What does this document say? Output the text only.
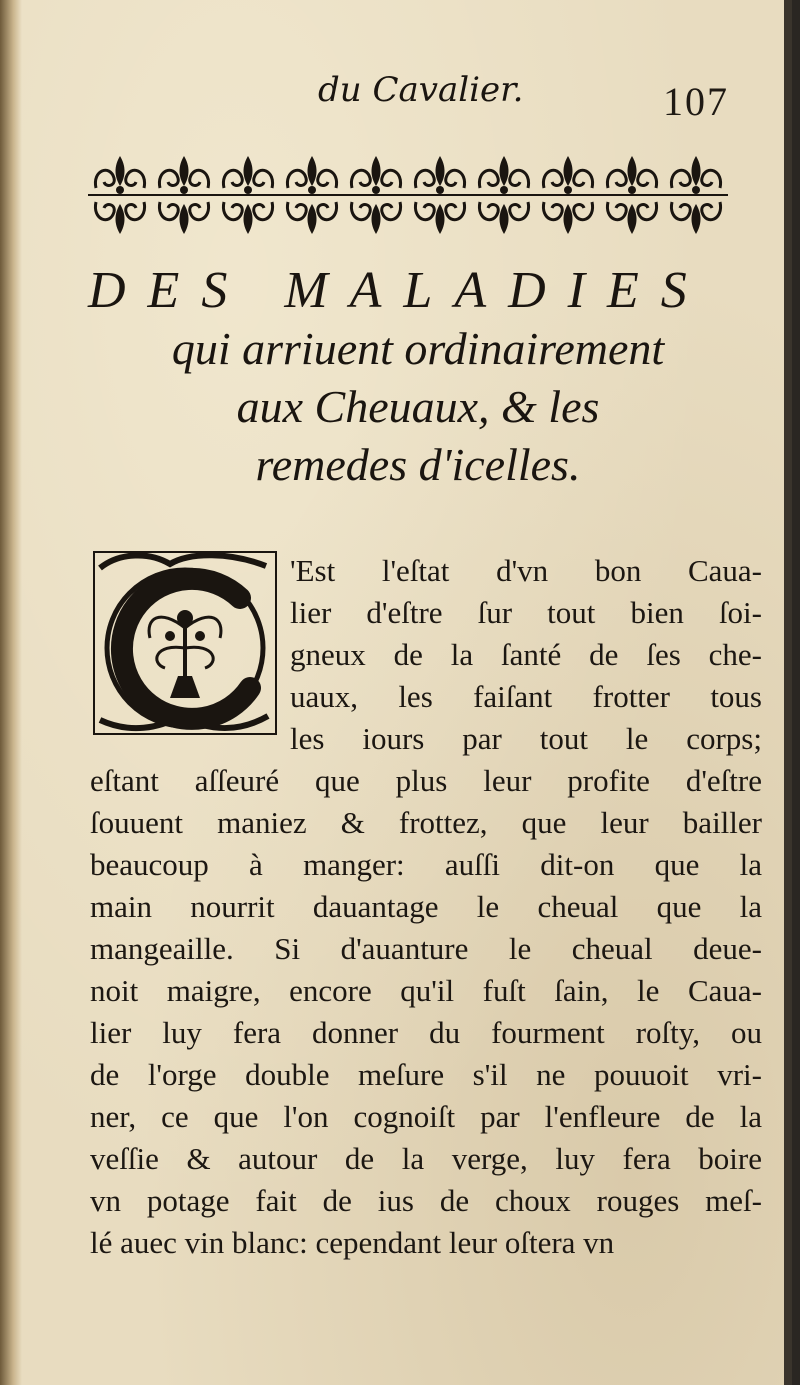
du Cavalier.	107
DES MALADIES
qui arriuent ordinairement
aux Cheuaux, & les
remedes d'icelles.
'Est l'eſtat d'vn bon Caua-
lier d'eſtre ſur tout bien ſoi-
gneux de la ſanté de ſes che-
uaux, les faiſant frotter tous
les iours par tout le corps;
eſtant aſſeuré que plus leur profite d'eſtre
ſouuent maniez & frottez, que leur bailler
beaucoup à manger: auſſi dit-on que la
main nourrit dauantage le cheual que la
mangeaille. Si d'auanture le cheual deue-
noit maigre, encore qu'il fuſt ſain, le Caua-
lier luy fera donner du fourment roſty, ou
de l'orge double meſure s'il ne pouuoit vri-
ner, ce que l'on cognoiſt par l'enfleure de la
veſſie & autour de la verge, luy fera boire
vn potage fait de ius de choux rouges meſ-
lé auec vin blanc: cependant leur oſtera vn
